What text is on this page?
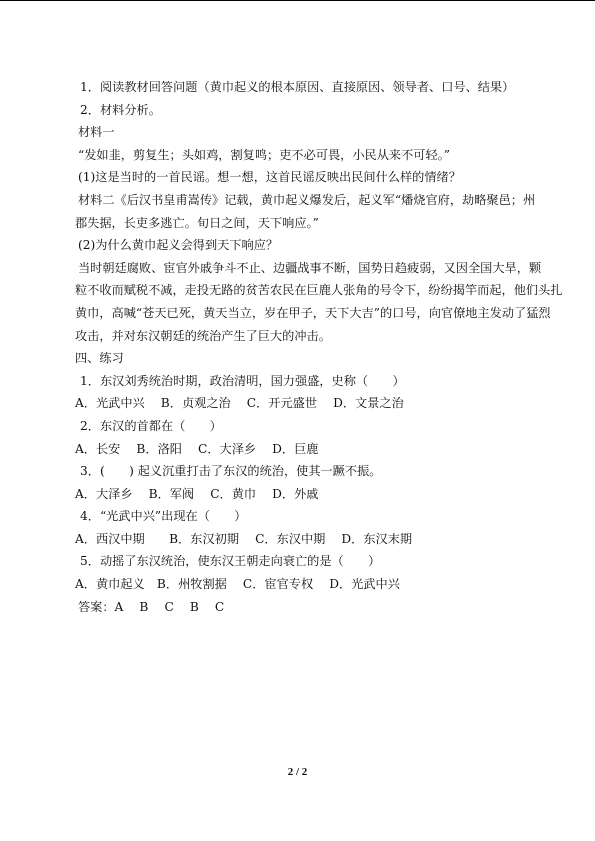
1．阅读教材回答问题（黄巾起义的根本原因、直接原因、领导者、口号、结果）

2．材料分析。

材料一

“发如韭，剪复生；头如鸡，割复鸣；吏不必可畏，小民从来不可轻。”

(1)这是当时的一首民谣。想一想，这首民谣反映出民间什么样的情绪？

材料二《后汉书皇甫嵩传》记载，黄巾起义爆发后，起义军“燔烧官府，劫略聚邑；州

郡失据，长吏多逃亡。旬日之间，天下响应。”

(2)为什么黄巾起义会得到天下响应？

当时朝廷腐败、宦官外戚争斗不止、边疆战事不断，国势日趋疲弱，又因全国大旱，颗

粒不收而赋税不减，走投无路的贫苦农民在巨鹿人张角的号令下，纷纷揭竿而起，他们头扎

黄巾，高喊“苍天已死，黄天当立，岁在甲子，天下大吉”的口号，向官僚地主发动了猛烈

攻击，并对东汉朝廷的统治产生了巨大的冲击。

四、练习

1．东汉刘秀统治时期，政治清明，国力强盛，史称（　　）

A．光武中兴　 B．贞观之治　 C．开元盛世　 D．文景之治

2．东汉的首都在（　　）

A．长安　 B．洛阳　 C．大泽乡　 D．巨鹿

3．(　　) 起义沉重打击了东汉的统治，使其一蹶不振。

A．大泽乡　 B．军阀　 C．黄巾　 D．外戚

4．“光武中兴”出现在（　　）

A．西汉中期　　B．东汉初期　 C．东汉中期　 D．东汉末期

5．动摇了东汉统治，使东汉王朝走向衰亡的是（　　）

A．黄巾起义　B．州牧割据　 C．宦官专权　 D．光武中兴

答案：A　 B　 C　 B　 C

2 / 2
